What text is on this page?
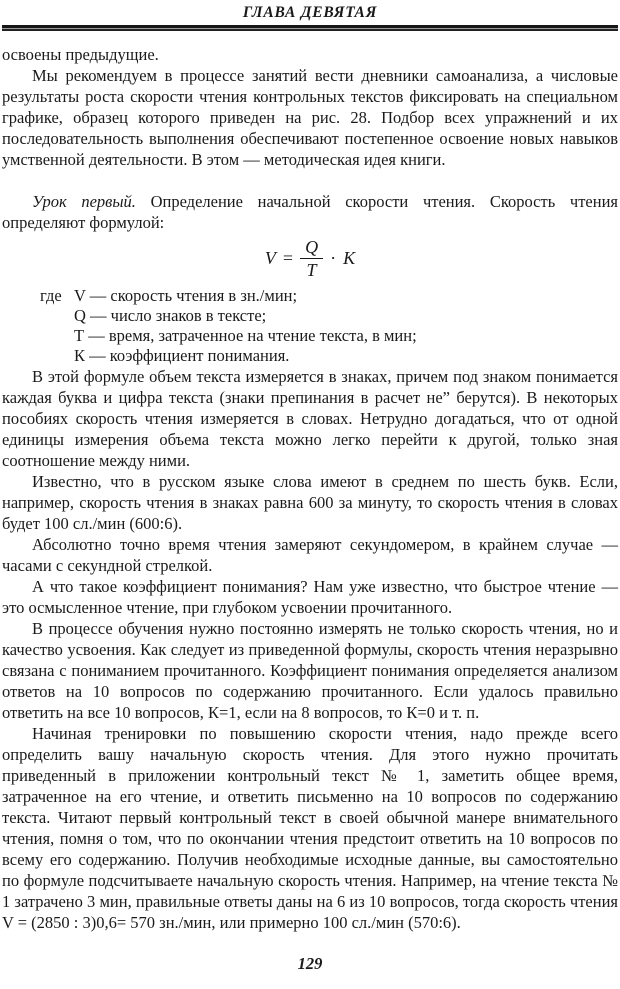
ГЛАВА ДЕВЯТАЯ

освоены предыдущие.

Мы рекомендуем в процессе занятий вести дневники самоанализа, а числовые результаты роста скорости чтения контрольных текстов фиксировать на специальном графике, образец которого приведен на рис. 28. Подбор всех упражнений и их последовательность выполнения обеспечивают постепенное освоение новых навыков умственной деятельности. В этом — методическая идея книги.

Урок первый. Определение начальной скорости чтения. Скорость чтения определяют формулой:

$V = \frac{Q}{T} \cdot K$
где V — скорость чтения в зн./мин;
Q — число знаков в тексте;
Т — время, затраченное на чтение текста, в мин;
К — коэффициент понимания.

В этой формуле объем текста измеряется в знаках, причем под знаком понимается каждая буква и цифра текста (знаки препинания в расчет не” берутся). В некоторых пособиях скорость чтения измеряется в словах. Нетрудно догадаться, что от одной единицы измерения объема текста можно легко перейти к другой, только зная соотношение между ними.

Известно, что в русском языке слова имеют в среднем по шесть букв. Если, например, скорость чтения в знаках равна 600 за минуту, то скорость чтения в словах будет 100 сл./мин (600:6).

Абсолютно точно время чтения замеряют секундомером, в крайнем случае — часами с секундной стрелкой.

А что такое коэффициент понимания? Нам уже известно, что быстрое чтение — это осмысленное чтение, при глубоком усвоении прочитанного.

В процессе обучения нужно постоянно измерять не только скорость чтения, но и качество усвоения. Как следует из приведенной формулы, скорость чтения неразрывно связана с пониманием прочитанного. Коэффициент понимания определяется анализом ответов на 10 вопросов по содержанию прочитанного. Если удалось правильно ответить на все 10 вопросов, К=1, если на 8 вопросов, то К=0 и т. п.

Начиная тренировки по повышению скорости чтения, надо прежде всего определить вашу начальную скорость чтения. Для этого нужно прочитать приведенный в приложении контрольный текст № 1, заметить общее время, затраченное на его чтение, и ответить письменно на 10 вопросов по содержанию текста. Читают первый контрольный текст в своей обычной манере внимательного чтения, помня о том, что по окончании чтения предстоит ответить на 10 вопросов по всему его содержанию. Получив необходимые исходные данные, вы самостоятельно по формуле подсчитываете начальную скорость чтения. Например, на чтение текста № 1 затрачено 3 мин, правильные ответы даны на 6 из 10 вопросов, тогда скорость чтения V = (2850 : 3)0,6= 570 зн./мин, или примерно 100 сл./мин (570:6).

129
